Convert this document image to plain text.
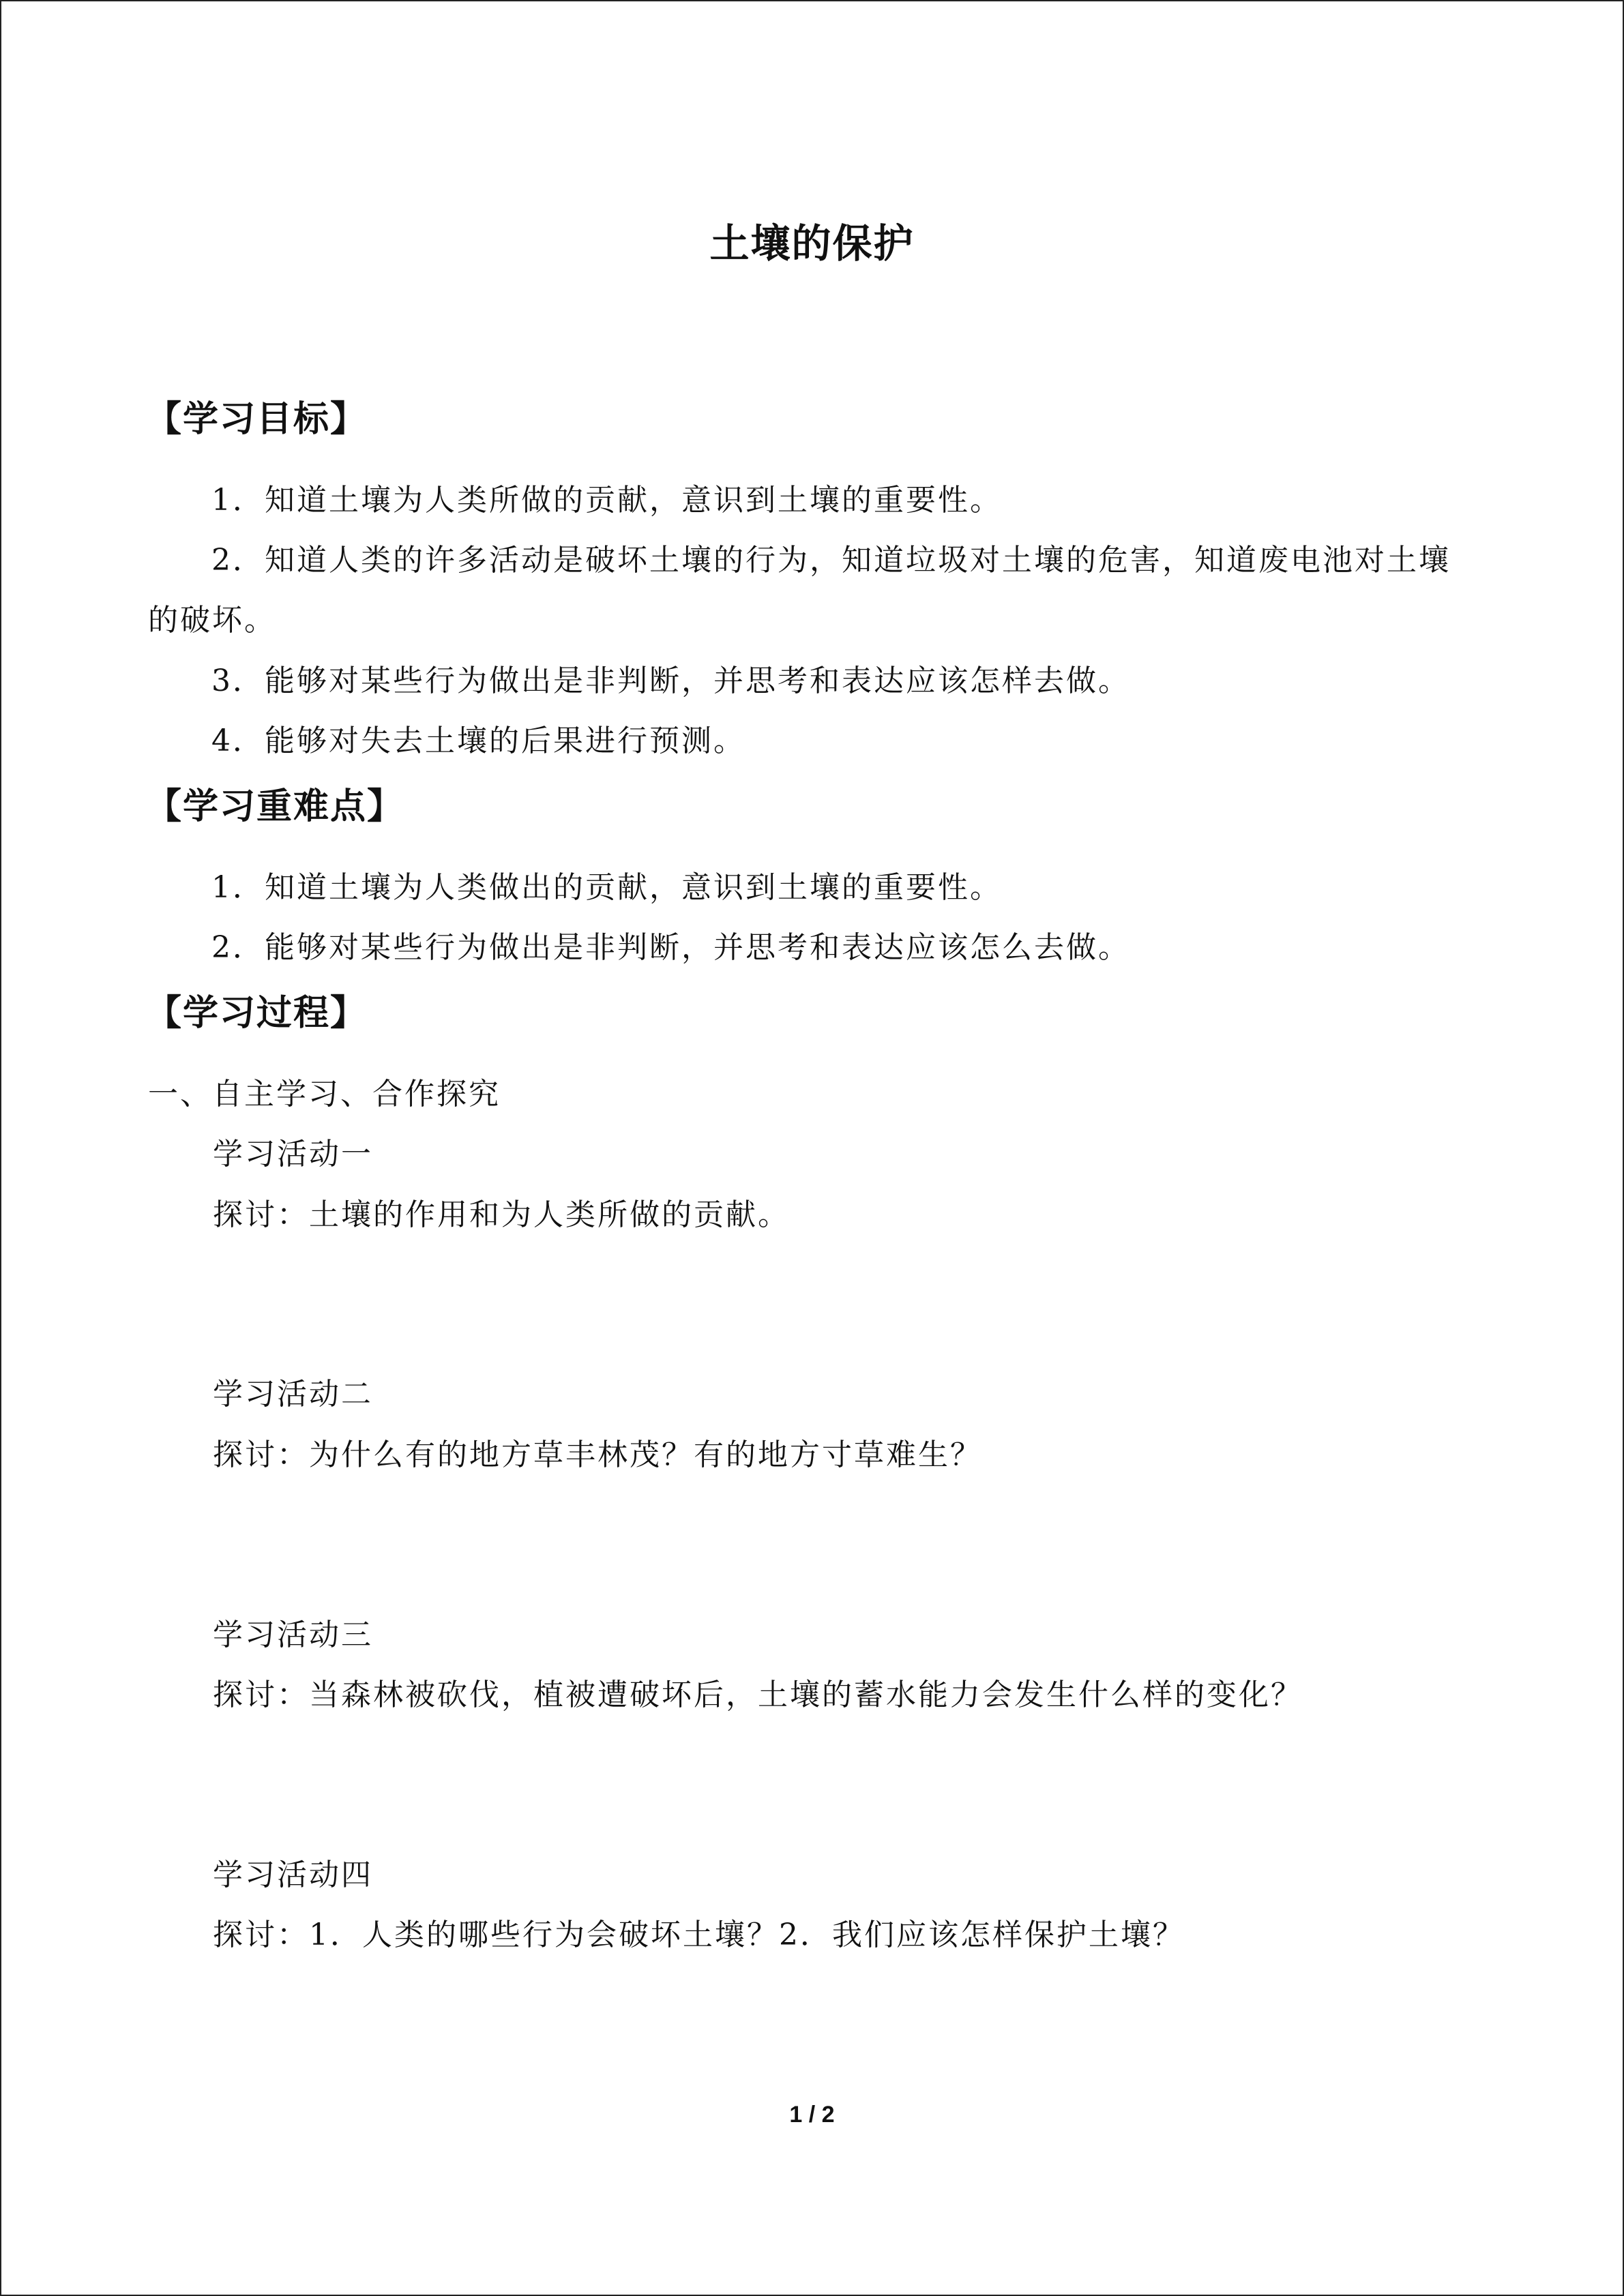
土壤的保护
【学习目标】
1．知道土壤为人类所做的贡献，意识到土壤的重要性。
2．知道人类的许多活动是破坏土壤的行为，知道垃圾对土壤的危害，知道废电池对土壤
的破坏。
3．能够对某些行为做出是非判断，并思考和表达应该怎样去做。
4．能够对失去土壤的后果进行预测。
【学习重难点】
1．知道土壤为人类做出的贡献，意识到土壤的重要性。
2．能够对某些行为做出是非判断，并思考和表达应该怎么去做。
【学习过程】
一、自主学习、合作探究
学习活动一
探讨：土壤的作用和为人类所做的贡献。
学习活动二
探讨：为什么有的地方草丰林茂？有的地方寸草难生？
学习活动三
探讨：当森林被砍伐，植被遭破坏后，土壤的蓄水能力会发生什么样的变化？
学习活动四
探讨：1．人类的哪些行为会破坏土壤？2．我们应该怎样保护土壤？
1 / 2
